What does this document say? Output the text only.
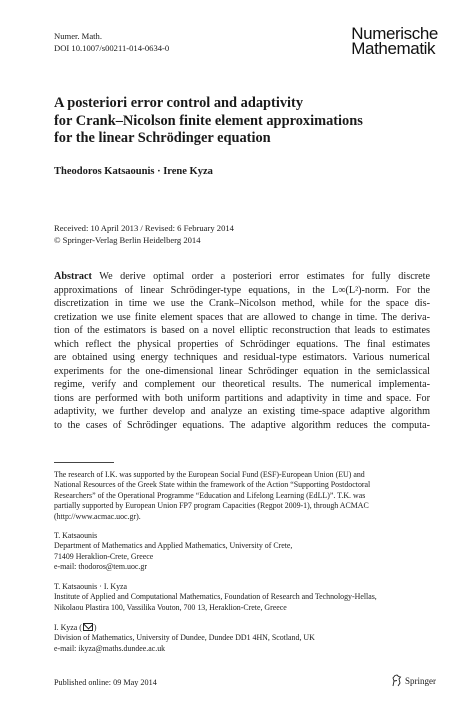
Numer. Math.
DOI 10.1007/s00211-014-0634-0
Numerische
Mathematik
A posteriori error control and adaptivity
for Crank–Nicolson finite element approximations
for the linear Schrödinger equation
Theodoros Katsaounis · Irene Kyza
Received: 10 April 2013 / Revised: 6 February 2014
© Springer-Verlag Berlin Heidelberg 2014
Abstract We derive optimal order a posteriori error estimates for fully discrete
approximations of linear Schrödinger-type equations, in the L∞(L²)-norm. For the
discretization in time we use the Crank–Nicolson method, while for the space dis-
cretization we use finite element spaces that are allowed to change in time. The deriva-
tion of the estimators is based on a novel elliptic reconstruction that leads to estimates
which reflect the physical properties of Schrödinger equations. The final estimates
are obtained using energy techniques and residual-type estimators. Various numerical
experiments for the one-dimensional linear Schrödinger equation in the semiclassical
regime, verify and complement our theoretical results. The numerical implementa-
tions are performed with both uniform partitions and adaptivity in time and space. For
adaptivity, we further develop and analyze an existing time-space adaptive algorithm
to the cases of Schrödinger equations. The adaptive algorithm reduces the computa-
The research of I.K. was supported by the European Social Fund (ESF)-European Union (EU) and
National Resources of the Greek State within the framework of the Action “Supporting Postdoctoral
Researchers” of the Operational Programme “Education and Lifelong Learning (EdLL)”. T.K. was
partially supported by European Union FP7 program Capacities (Regpot 2009-1), through ACMAC
(http://www.acmac.uoc.gr).
T. Katsaounis
Department of Mathematics and Applied Mathematics, University of Crete,
71409 Heraklion-Crete, Greece
e-mail: thodoros@tem.uoc.gr
T. Katsaounis · I. Kyza
Institute of Applied and Computational Mathematics, Foundation of Research and Technology-Hellas,
Nikolaou Plastira 100, Vassilika Vouton, 700 13, Heraklion-Crete, Greece
I. Kyza ( )
Division of Mathematics, University of Dundee, Dundee DD1 4HN, Scotland, UK
e-mail: ikyza@maths.dundee.ac.uk
Published online: 09 May 2014	Springer
